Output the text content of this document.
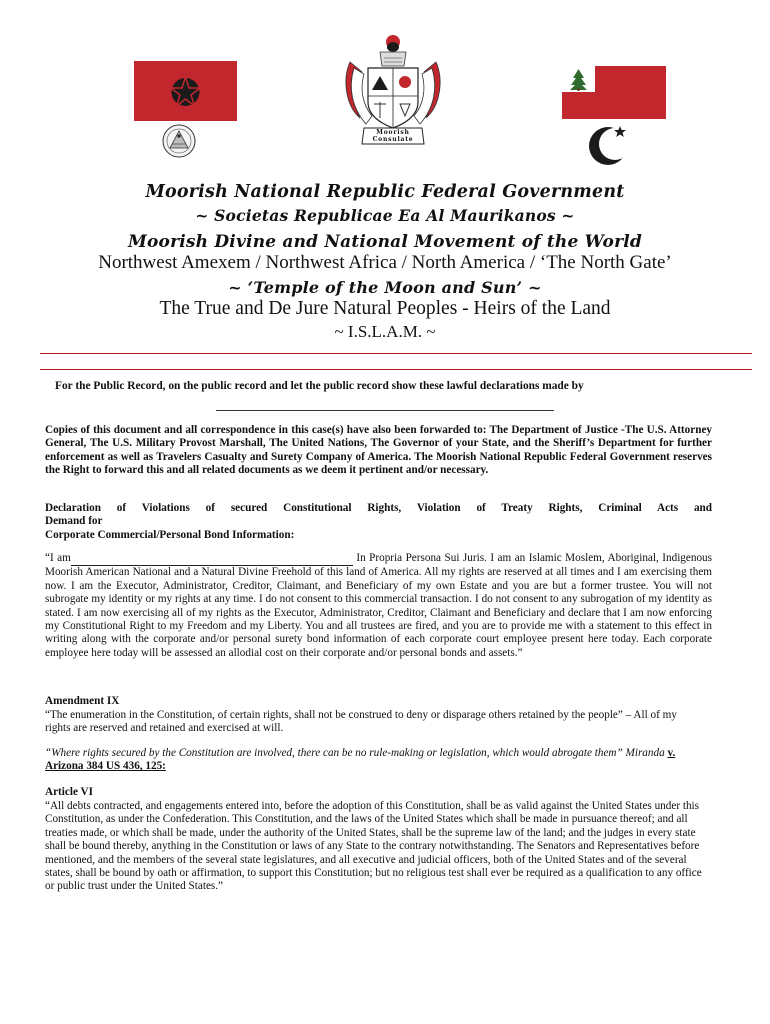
Moorish
Consulate
Moorish National Republic Federal Government
~ Societas Republicae Ea Al Maurikanos ~
Moorish Divine and National Movement of the World
Northwest Amexem / Northwest Africa / North America / ‘The North Gate’
~ ‘Temple of the Moon and Sun’ ~
The True and De Jure Natural Peoples - Heirs of the Land
~ I.S.L.A.M. ~
For the Public Record, on the public record and let the public record show these lawful declarations made by
Copies of this document and all correspondence in this case(s) have also been forwarded to: The Department of Justice -The U.S. Attorney General, The U.S. Military Provost Marshall, The United Nations, The Governor of your State, and the Sheriff’s Department for further enforcement as well as Travelers Casualty and Surety Company of America. The Moorish National Republic Federal Government reserves the Right to forward this and all related documents as we deem it pertinent and/or necessary.
Declaration of Violations of secured Constitutional Rights, Violation of Treaty Rights, Criminal Acts and
Demand for
Corporate Commercial/Personal Bond Information:
“I am	In Propria Persona Sui Juris. I am an Islamic Moslem, Aboriginal, Indigenous Moorish American National and a Natural Divine Freehold of this land of America. All my rights are reserved at all times and I am exercising them now. I am the Executor, Administrator, Creditor, Claimant, and Beneficiary of my own Estate and you are but a former trustee. You will not subrogate my identity or my rights at any time. I do not consent to this commercial transaction. I do not consent to any subrogation of my identity as stated. I am now exercising all of my rights as the Executor, Administrator, Creditor, Claimant and Beneficiary and declare that I am now enforcing my Constitutional Right to my Freedom and my Liberty. You and all trustees are fired, and you are to provide me with a statement to this effect in writing along with the corporate and/or personal surety bond information of each corporate court employee present here today. Each corporate employee here today will be assessed an allodial cost on their corporate and/or personal bonds and assets.”
Amendment IX
“The enumeration in the Constitution, of certain rights, shall not be construed to deny or disparage others retained by the people” – All of my rights are reserved and retained and exercised at will.
“Where rights secured by the Constitution are involved, there can be no rule-making or legislation, which would abrogate them” Miranda v. Arizona 384 US 436, 125:
Article VI
“All debts contracted, and engagements entered into, before the adoption of this Constitution, shall be as valid against the United States under this Constitution, as under the Confederation. This Constitution, and the laws of the United States which shall be made in pursuance thereof; and all treaties made, or which shall be made, under the authority of the United States, shall be the supreme law of the land; and the judges in every state shall be bound thereby, anything in the Constitution or laws of any State to the contrary notwithstanding. The Senators and Representatives before mentioned, and the members of the several state legislatures, and all executive and judicial officers, both of the United States and of the several states, shall be bound by oath or affirmation, to support this Constitution; but no religious test shall ever be required as a qualification to any office or public trust under the United States.”
